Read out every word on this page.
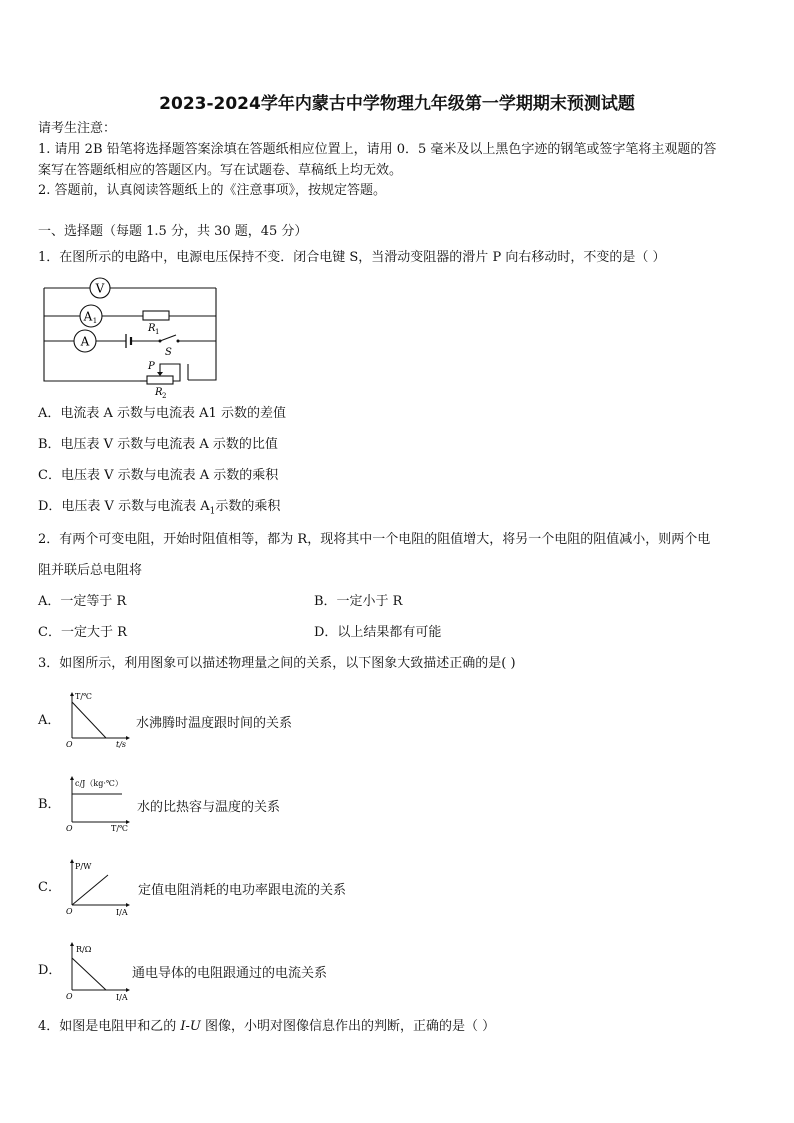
2023-2024学年内蒙古中学物理九年级第一学期期末预测试题
请考生注意：
1. 请用 2B 铅笔将选择题答案涂填在答题纸相应位置上，请用 0．5 毫米及以上黑色字迹的钢笔或签字笔将主观题的答
案写在答题纸相应的答题区内。写在试题卷、草稿纸上均无效。
2. 答题前，认真阅读答题纸上的《注意事项》，按规定答题。
一、选择题（每题 1.5 分，共 30 题，45 分）
1．在图所示的电路中，电源电压保持不变．闭合电键 S，当滑动变阻器的滑片 P 向右移动时，不变的是（ ）
V
A 1
A
R 1
S
P
R 2
A．电流表 A 示数与电流表 A1 示数的差值
B．电压表 V 示数与电流表 A 示数的比值
C．电压表 V 示数与电流表 A 示数的乘积
D．电压表 V 示数与电流表 $A_1$示数的乘积
2．有两个可变电阻，开始时阻值相等，都为 R，现将其中一个电阻的阻值增大，将另一个电阻的阻值减小，则两个电
阻并联后总电阻将
A．一定等于 R	B．一定小于 R
C．一定大于 R	D．以上结果都有可能
3．如图所示，利用图象可以描述物理量之间的关系，以下图象大致描述正确的是( )
A．
T/℃
t/s
O
水沸腾时温度跟时间的关系
B．
c/J（kg·℃）
T/℃
O
水的比热容与温度的关系
C．
P/W
I/A
O
定值电阻消耗的电功率跟电流的关系
D．
R/Ω
I/A
O
通电导体的电阻跟通过的电流关系
4．如图是电阻甲和乙的 I-U 图像，小明对图像信息作出的判断，正确的是（ ）
